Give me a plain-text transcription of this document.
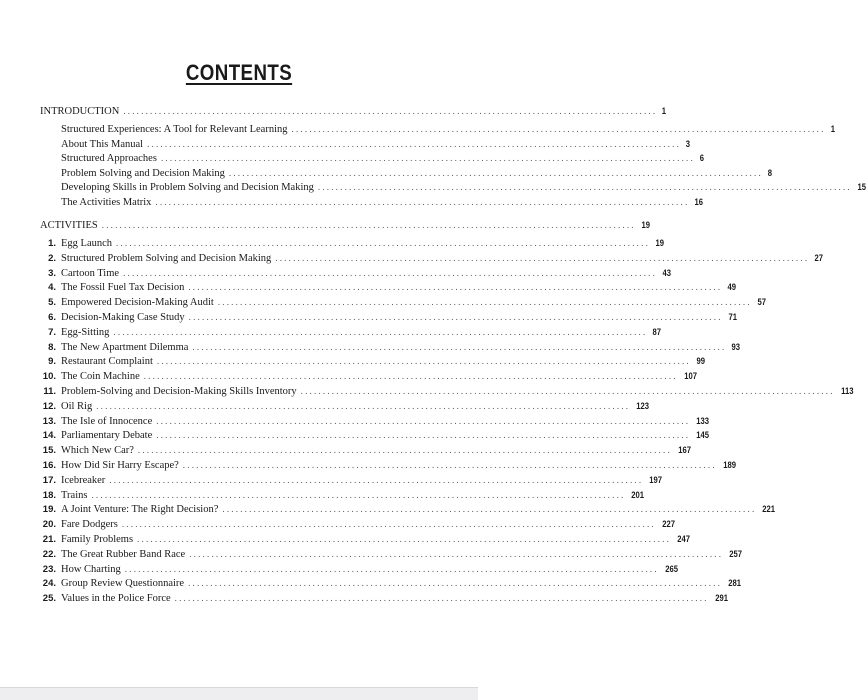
CONTENTS
INTRODUCTION ........................................................................................................................ 1
Structured Experiences: A Tool for Relevant Learning ........................................................................................................................ 1
About This Manual ........................................................................................................................ 3
Structured Approaches ........................................................................................................................ 6
Problem Solving and Decision Making ........................................................................................................................ 8
Developing Skills in Problem Solving and Decision Making ........................................................................................................................ 15
The Activities Matrix ........................................................................................................................ 16
ACTIVITIES ........................................................................................................................ 19
1. Egg Launch ........................................................................................................................ 19
2. Structured Problem Solving and Decision Making ........................................................................................................................ 27
3. Cartoon Time ........................................................................................................................ 43
4. The Fossil Fuel Tax Decision ........................................................................................................................ 49
5. Empowered Decision-Making Audit ........................................................................................................................ 57
6. Decision-Making Case Study ........................................................................................................................ 71
7. Egg-Sitting ........................................................................................................................ 87
8. The New Apartment Dilemma ........................................................................................................................ 93
9. Restaurant Complaint ........................................................................................................................ 99
10. The Coin Machine ........................................................................................................................ 107
11. Problem-Solving and Decision-Making Skills Inventory ........................................................................................................................ 113
12. Oil Rig ........................................................................................................................ 123
13. The Isle of Innocence ........................................................................................................................ 133
14. Parliamentary Debate ........................................................................................................................ 145
15. Which New Car? ........................................................................................................................ 167
16. How Did Sir Harry Escape? ........................................................................................................................ 189
17. Icebreaker ........................................................................................................................ 197
18. Trains ........................................................................................................................ 201
19. A Joint Venture: The Right Decision? ........................................................................................................................ 221
20. Fare Dodgers ........................................................................................................................ 227
21. Family Problems ........................................................................................................................ 247
22. The Great Rubber Band Race ........................................................................................................................ 257
23. How Charting ........................................................................................................................ 265
24. Group Review Questionnaire ........................................................................................................................ 281
25. Values in the Police Force ........................................................................................................................ 291
